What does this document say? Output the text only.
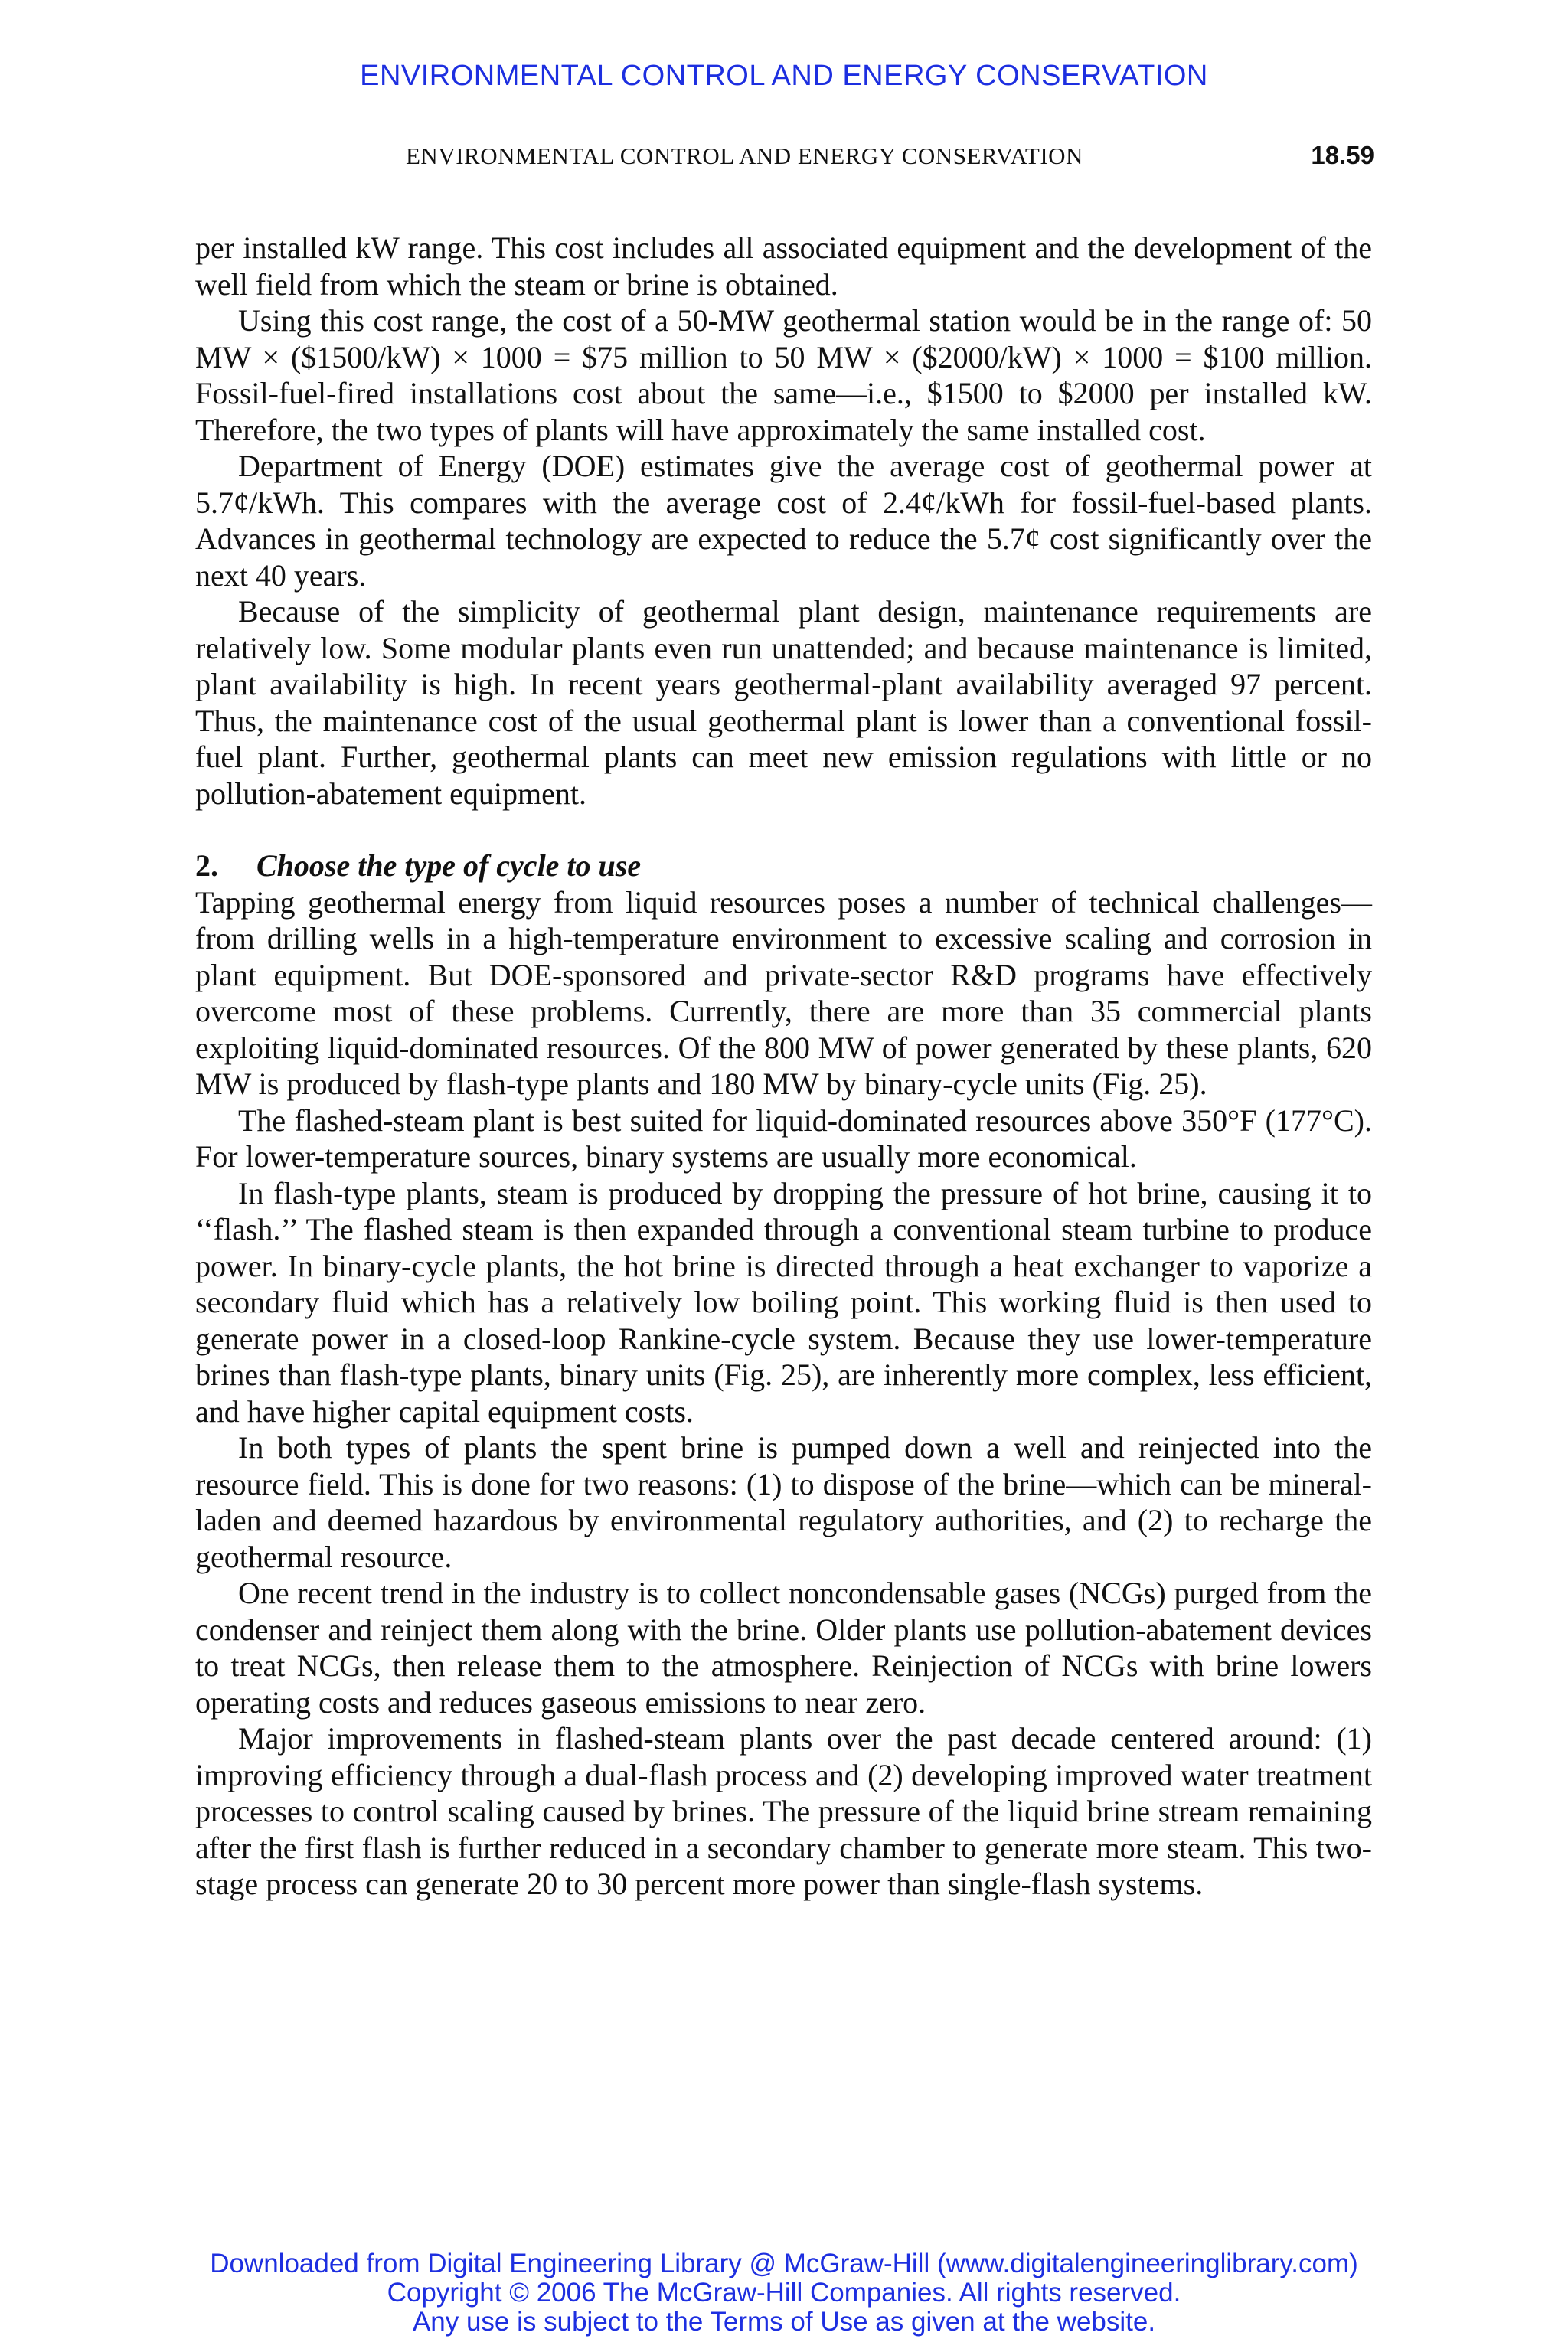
ENVIRONMENTAL CONTROL AND ENERGY CONSERVATION
ENVIRONMENTAL CONTROL AND ENERGY CONSERVATION	18.59

per installed kW range. This cost includes all associated equipment and the development of the well field from which the steam or brine is obtained.

Using this cost range, the cost of a 50-MW geothermal station would be in the range of: 50 MW × ($1500/kW) × 1000 = $75 million to 50 MW × ($2000/kW) × 1000 = $100 million. Fossil-fuel-fired installations cost about the same—i.e., $1500 to $2000 per installed kW. Therefore, the two types of plants will have approximately the same installed cost.

Department of Energy (DOE) estimates give the average cost of geothermal power at 5.7¢/kWh. This compares with the average cost of 2.4¢/kWh for fossil-fuel-based plants. Advances in geothermal technology are expected to reduce the 5.7¢ cost significantly over the next 40 years.

Because of the simplicity of geothermal plant design, maintenance requirements are relatively low. Some modular plants even run unattended; and because maintenance is limited, plant availability is high. In recent years geothermal-plant availability averaged 97 percent. Thus, the maintenance cost of the usual geothermal plant is lower than a conventional fossil-fuel plant. Further, geothermal plants can meet new emission regulations with little or no pollution-abatement equipment.

2. Choose the type of cycle to use

Tapping geothermal energy from liquid resources poses a number of technical challenges—from drilling wells in a high-temperature environment to excessive scaling and corrosion in plant equipment. But DOE-sponsored and private-sector R&D programs have effectively overcome most of these problems. Currently, there are more than 35 commercial plants exploiting liquid-dominated resources. Of the 800 MW of power generated by these plants, 620 MW is produced by flash-type plants and 180 MW by binary-cycle units (Fig. 25).

The flashed-steam plant is best suited for liquid-dominated resources above 350°F (177°C). For lower-temperature sources, binary systems are usually more economical.

In flash-type plants, steam is produced by dropping the pressure of hot brine, causing it to ‘‘flash.’’ The flashed steam is then expanded through a conventional steam turbine to produce power. In binary-cycle plants, the hot brine is directed through a heat exchanger to vaporize a secondary fluid which has a relatively low boiling point. This working fluid is then used to generate power in a closed-loop Rankine-cycle system. Because they use lower-temperature brines than flash-type plants, binary units (Fig. 25), are inherently more complex, less efficient, and have higher capital equipment costs.

In both types of plants the spent brine is pumped down a well and reinjected into the resource field. This is done for two reasons: (1) to dispose of the brine—which can be mineral-laden and deemed hazardous by environmental regulatory authorities, and (2) to recharge the geothermal resource.

One recent trend in the industry is to collect noncondensable gases (NCGs) purged from the condenser and reinject them along with the brine. Older plants use pollution-abatement devices to treat NCGs, then release them to the atmosphere. Reinjection of NCGs with brine lowers operating costs and reduces gaseous emissions to near zero.

Major improvements in flashed-steam plants over the past decade centered around: (1) improving efficiency through a dual-flash process and (2) developing improved water treatment processes to control scaling caused by brines. The pressure of the liquid brine stream remaining after the first flash is further reduced in a secondary chamber to generate more steam. This two-stage process can generate 20 to 30 percent more power than single-flash systems.

Downloaded from Digital Engineering Library @ McGraw-Hill (www.digitalengineeringlibrary.com)
Copyright © 2006 The McGraw-Hill Companies. All rights reserved.
Any use is subject to the Terms of Use as given at the website.
